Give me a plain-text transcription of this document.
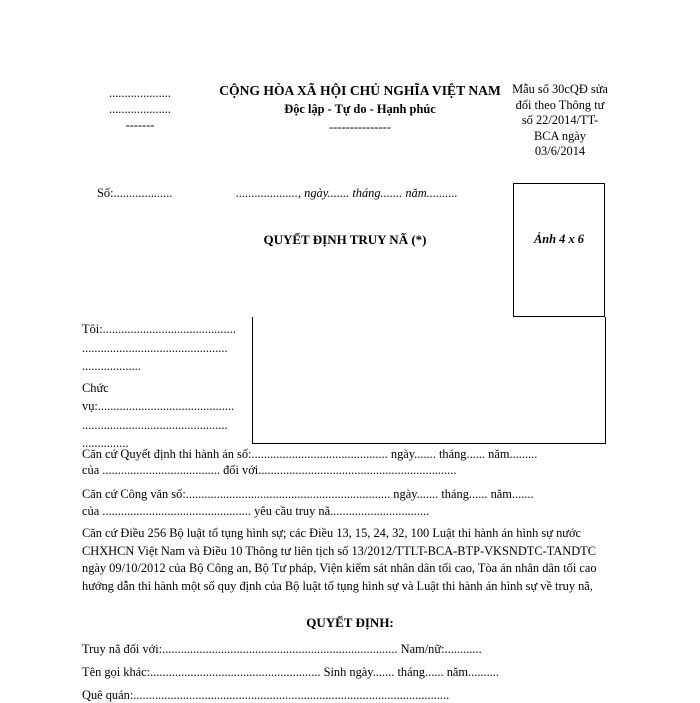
....................
....................
-------
CỘNG HÒA XÃ HỘI CHỦ NGHĨA VIỆT NAM
Độc lập - Tự do - Hạnh phúc
---------------
Mẫu số 30cQĐ sửa đổi theo Thông tư số 22/2014/TT-BCA ngày 03/6/2014
Số:...................	...................., ngày....... tháng....... năm..........
QUYẾT ĐỊNH TRUY NÃ (*)	Ảnh 4 x 6
Tôi:...........................................
...............................................
...................
Chức
vụ:............................................
...............................................
...............
Căn cứ Quyết định thi hành án số:............................................ ngày....... tháng...... năm.........
của ...................................... đối với................................................................
Căn cứ Công văn số:.................................................................. ngày....... tháng...... năm.......
của ................................................ yêu cầu truy nã................................
Căn cứ Điều 256 Bộ luật tố tụng hình sự; các Điều 13, 15, 24, 32, 100 Luật thi hành án hình sự nước CHXHCN Việt Nam và Điều 10 Thông tư liên tịch số 13/2012/TTLT-BCA-BTP-VKSNDTC-TANDTC ngày 09/10/2012 của Bộ Công an, Bộ Tư pháp, Viện kiểm sát nhân dân tối cao, Tòa án nhân dân tối cao hướng dẫn thi hành một số quy định của Bộ luật tố tụng hình sự và Luật thi hành án hình sự về truy nã,
QUYẾT ĐỊNH:
Truy nã đối với:............................................................................ Nam/nữ:............
Tên gọi khác:....................................................... Sinh ngày....... tháng...... năm..........
Quê quán:......................................................................................................
